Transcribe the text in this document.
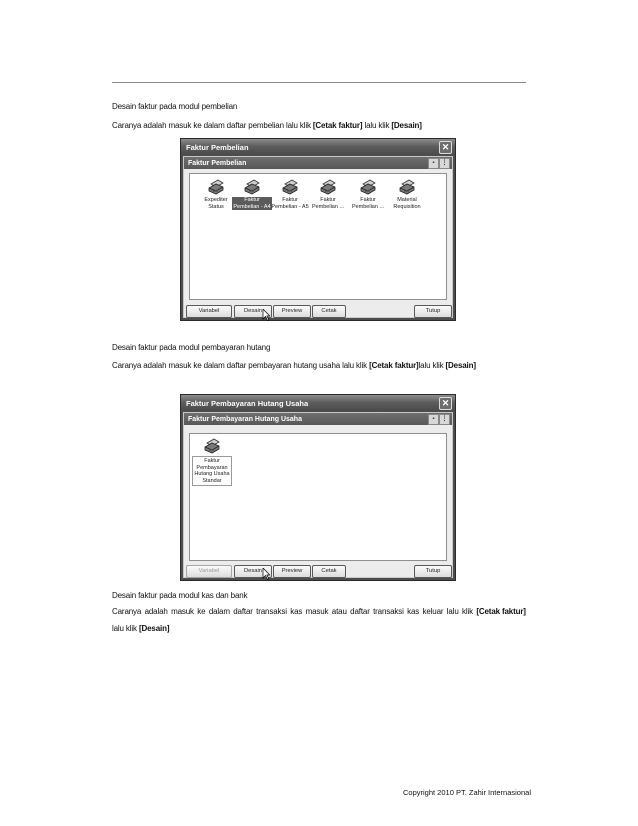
Desain faktur pada modul pembelian
Caranya adalah masuk ke dalam daftar pembelian lalu klik [Cetak faktur] lalu klik [Desain]
Faktur Pembelian	✕
Faktur Pembelian	▪	⋮
Expediter
Status
Faktur
Pembelian - A4
Faktur
Pembelian - A5
Faktur
Pembelian ...
Faktur
Pembelian ...
Material
Requisition
Variabel	Desain	Preview	Cetak	Tutup
Desain faktur pada modul pembayaran hutang
Caranya adalah masuk ke dalam daftar pembayaran hutang usaha lalu klik [Cetak faktur]lalu klik [Desain]
Faktur Pembayaran Hutang Usaha	✕
Faktur Pembayaran Hutang Usaha	▪	⋮
Faktur
Pembayaran
Hutang Usaha
Standar
Variabel	Desain	Preview	Cetak	Tutup
Desain faktur pada modul kas dan bank
Caranya adalah masuk ke dalam daftar transaksi kas masuk atau daftar transaksi kas keluar lalu klik [Cetak faktur]
lalu klik [Desain]
Copyright 2010 PT. Zahir Internasional
